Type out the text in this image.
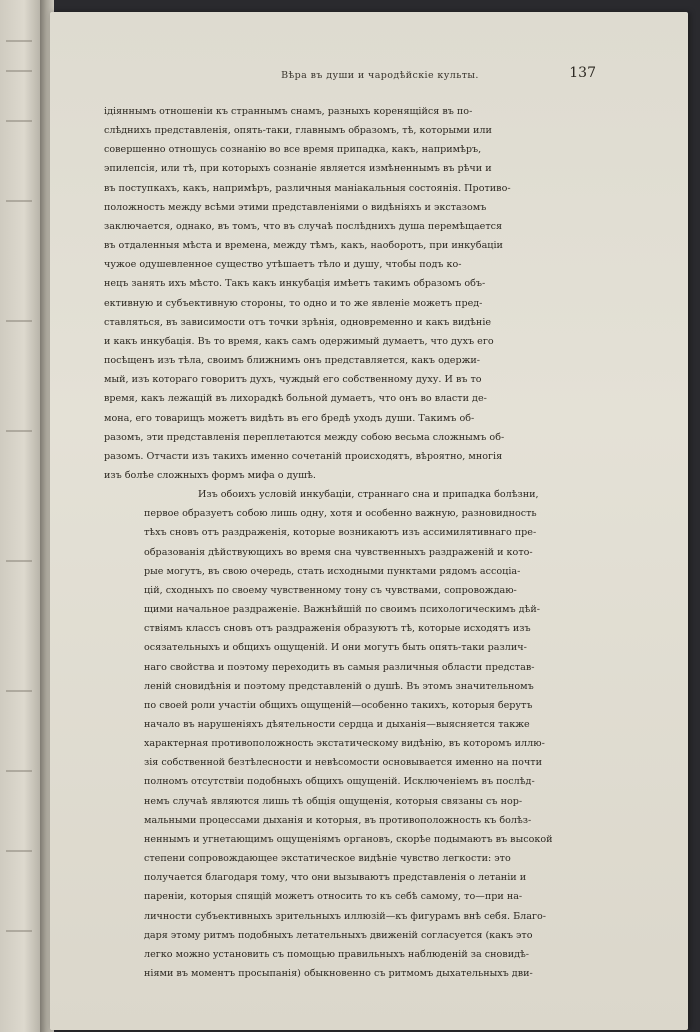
Вѣра въ души и чародѣйскіе культы.	137
ідіяннымъ отношеніи къ страннымъ снамъ, разныхъ коренящійся въ по-
слѣднихъ представленія, опять-таки, главнымъ образомъ, тѣ, которыми или
совершенно отношусь сознанію во все время припадка, какъ, напримѣръ,
эпилепсія, или тѣ, при которыхъ сознаніе является измѣненнымъ въ рѣчи и
въ поступкахъ, какъ, напримѣръ, различныя маніакальныя состоянія. Противо-
положность между всѣми этими представленіями о видѣніяхъ и экстазомъ
заключается, однако, въ томъ, что въ случаѣ послѣднихъ душа перемѣщается
въ отдаленныя мѣста и времена, между тѣмъ, какъ, наоборотъ, при инкубаціи
чужое одушевленное существо утѣшаетъ тѣло и душу, чтобы подъ ко-
нецъ занять ихъ мѣсто. Такъ какъ инкубація имѣетъ такимъ образомъ объ-
ективную и субъективную стороны, то одно и то же явленіе можетъ пред-
ставляться, въ зависимости отъ точки зрѣнія, одновременно и какъ видѣніе
и какъ инкубація. Въ то время, какъ самъ одержимый думаетъ, что духъ его
посѣщенъ изъ тѣла, своимъ ближнимъ онъ представляется, какъ одержи-
мый, изъ котораго говоритъ духъ, чуждый его собственному духу. И въ то
время, какъ лежащій въ лихорадкѣ больной думаетъ, что онъ во власти де-
мона, его товарищъ можетъ видѣть въ его бредѣ уходъ души. Такимъ об-
разомъ, эти представленія переплетаются между собою весьма сложнымъ об-
разомъ. Отчасти изъ такихъ именно сочетаній происходятъ, вѣроятно, многія
изъ болѣе сложныхъ формъ мифа о душѣ.
Изъ обоихъ условій инкубаціи, страннаго сна и припадка болѣзни,
первое образуетъ собою лишь одну, хотя и особенно важную, разновидность
тѣхъ сновъ отъ раздраженія, которые возникаютъ изъ ассимилятивнаго пре-
образованія дѣйствующихъ во время сна чувственныхъ раздраженій и кото-
рые могутъ, въ свою очередь, стать исходными пунктами рядомъ ассоціа-
цій, сходныхъ по своему чувственному тону съ чувствами, сопровождаю-
щими начальное раздраженіе. Важнѣйшій по своимъ психологическимъ дѣй-
ствіямъ классъ сновъ отъ раздраженія образуютъ тѣ, которые исходятъ изъ
осязательныхъ и общихъ ощущеній. И они могутъ быть опять-таки различ-
наго свойства и поэтому переходить въ самыя различныя области представ-
леній сновидѣнія и поэтому представленій о душѣ. Въ этомъ значительномъ
по своей роли участіи общихъ ощущеній—особенно такихъ, которыя берутъ
начало въ нарушеніяхъ дѣятельности сердца и дыханія—выясняется также
характерная противоположность экстатическому видѣнію, въ которомъ иллю-
зія собственной безтѣлесности и невѣсомости основывается именно на почти
полномъ отсутствіи подобныхъ общихъ ощущеній. Исключеніемъ въ послѣд-
немъ случаѣ являются лишь тѣ общія ощущенія, которыя связаны съ нор-
мальными процессами дыханія и которыя, въ противоположность къ болѣз-
неннымъ и угнетающимъ ощущеніямъ органовъ, скорѣе подымаютъ въ высокой
степени сопровождающее экстатическое видѣніе чувство легкости: это
получается благодаря тому, что они вызываютъ представленія о летаніи и
пареніи, которыя спящій можетъ относить то къ себѣ самому, то—при на-
личности субъективныхъ зрительныхъ иллюзій—къ фигурамъ внѣ себя. Благо-
даря этому ритмъ подобныхъ летательныхъ движеній согласуется (какъ это
легко можно установить съ помощью правильныхъ наблюденій за сновидѣ-
ніями въ моментъ просыпанія) обыкновенно съ ритмомъ дыхательныхъ дви-
